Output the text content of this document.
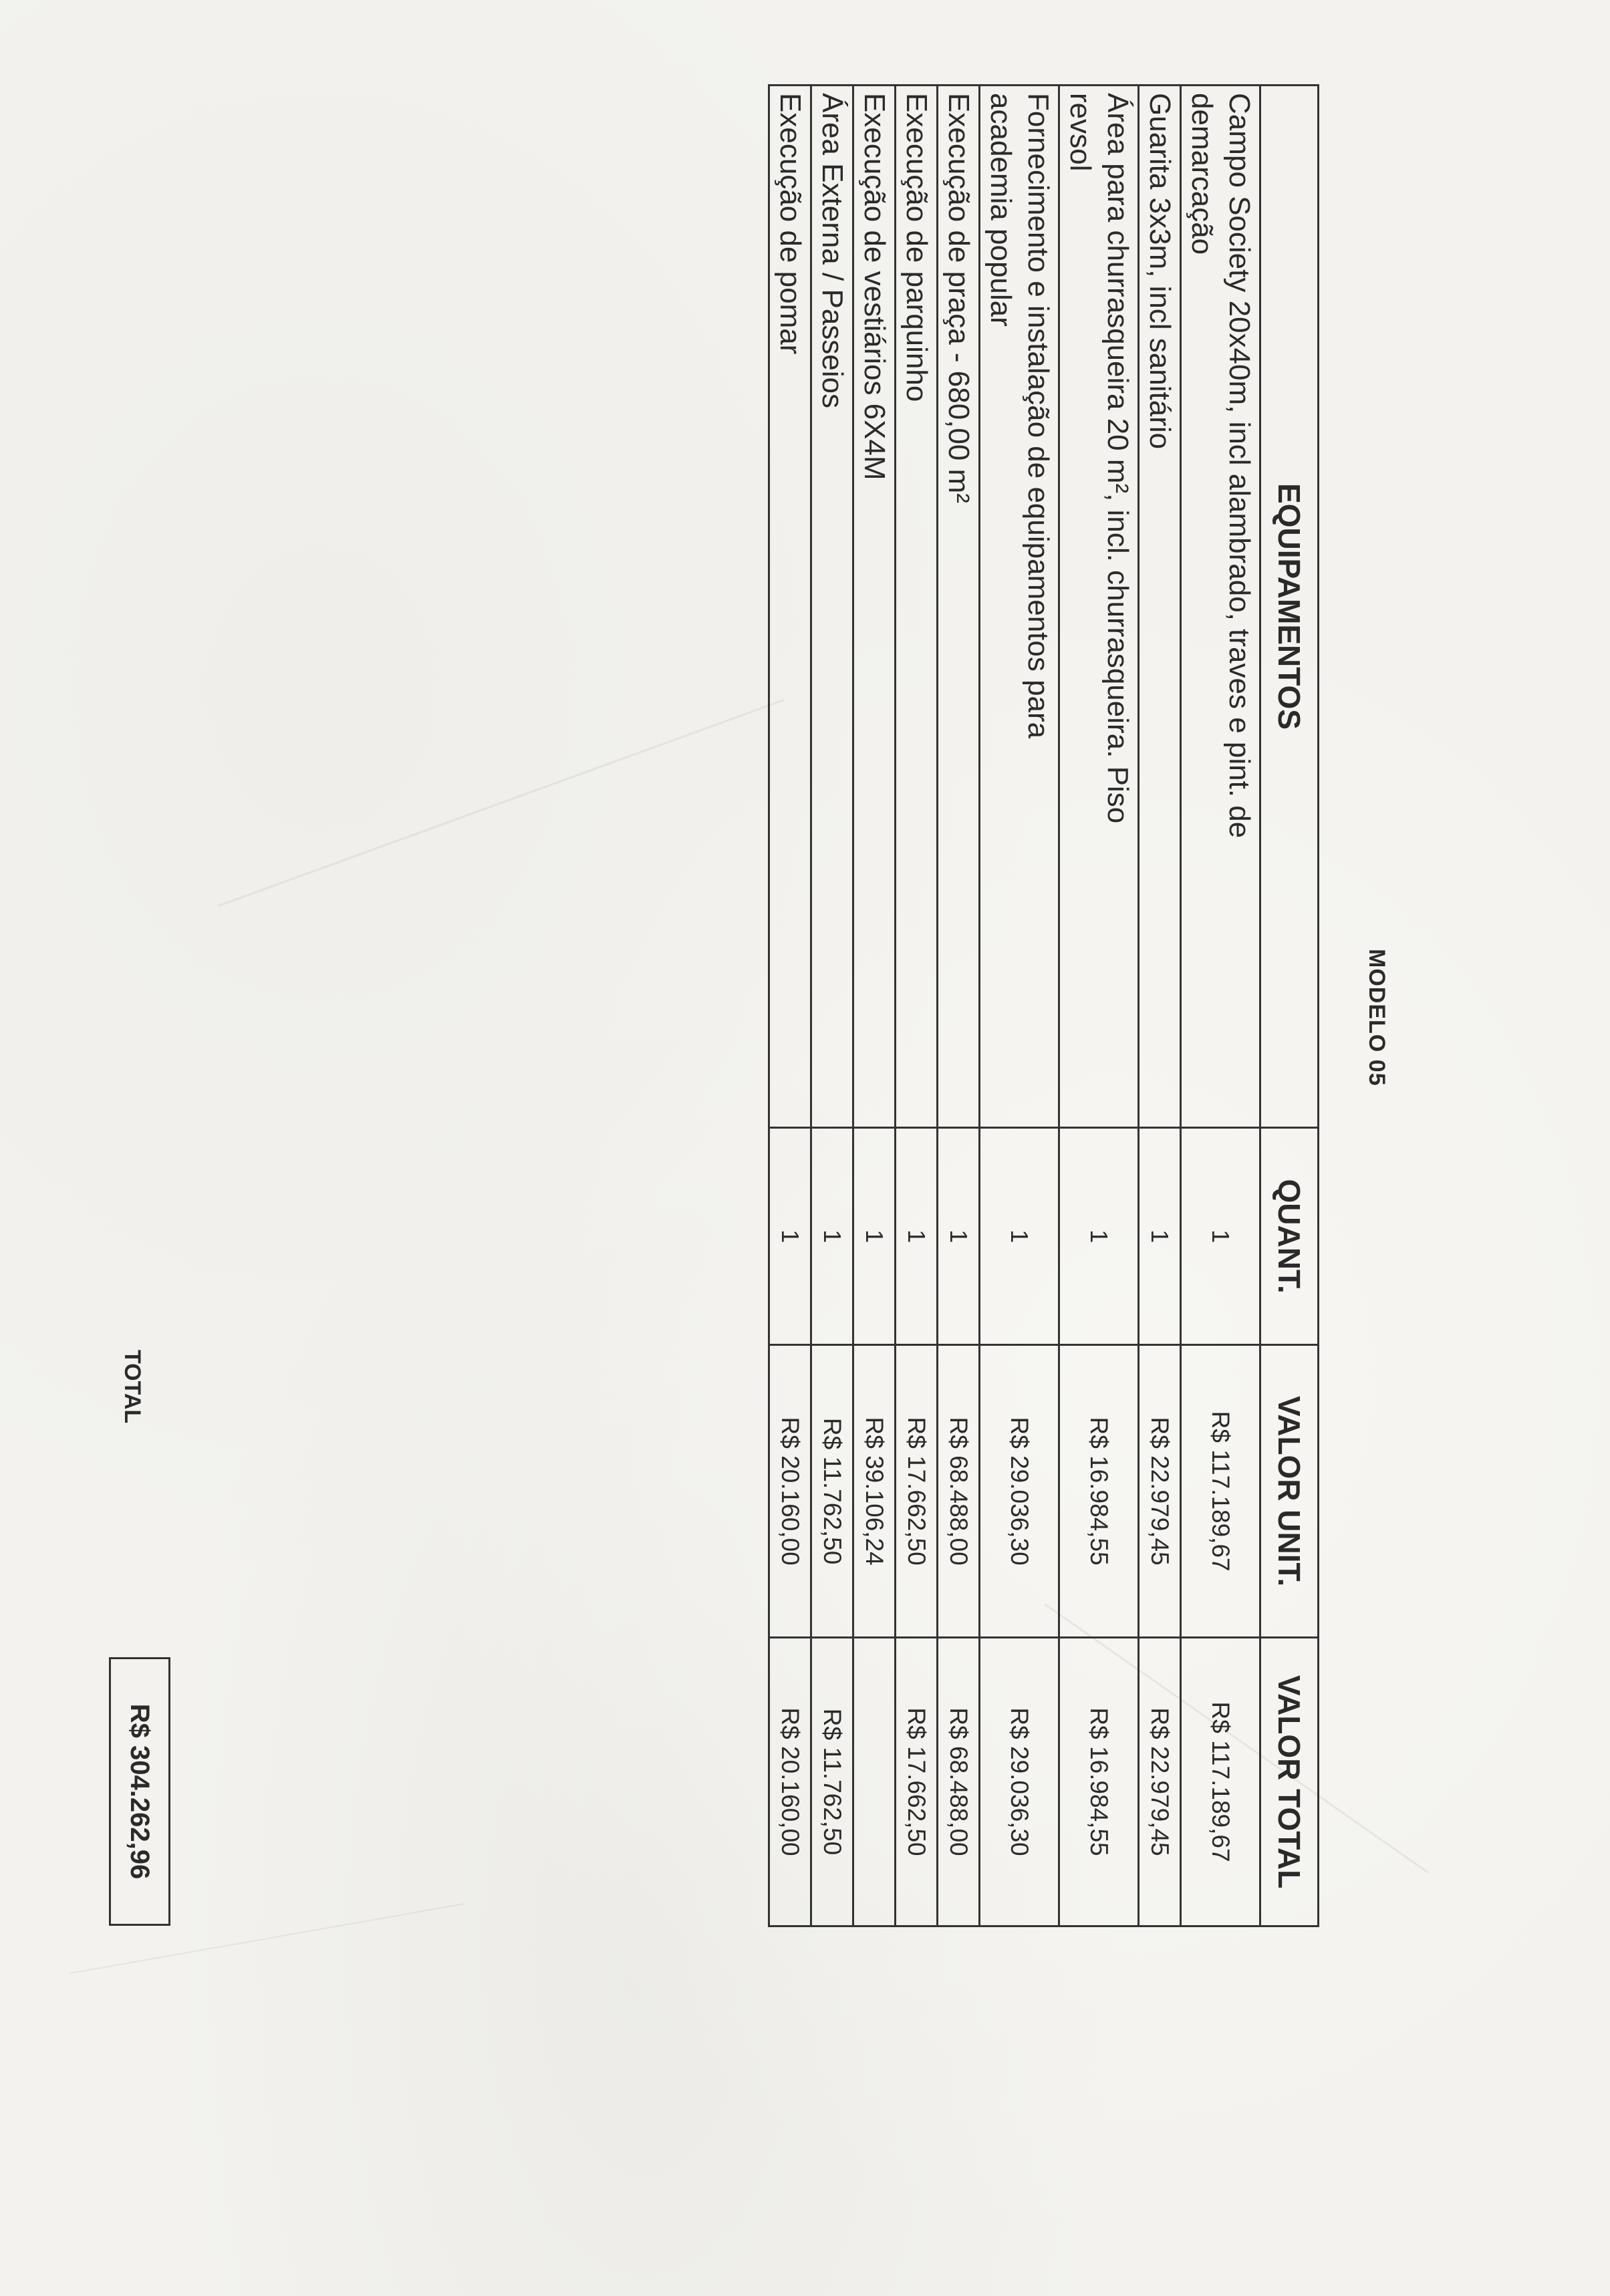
MODELO 05
EQUIPAMENTOS	QUANT.	VALOR UNIT.	VALOR TOTAL

Campo Society 20x40m, incl alambrado, traves e pint. de
demarcação	1	R$ 117.189,67	R$ 117.189,67

Guarita 3x3m, incl sanitário	1	R$ 22.979,45	R$ 22.979,45

Área para churrasqueira 20 m², incl. churrasqueira. Piso
revsol	1	R$ 16.984,55	R$ 16.984,55

Fornecimento e instalação de equipamentos para
academia popular	1	R$ 29.036,30	R$ 29.036,30

Execução de praça - 680,00 m²	1	R$ 68.488,00	R$ 68.488,00

Execução de parquinho	1	R$ 17.662,50	R$ 17.662,50

Execução de vestiários 6X4M	1	R$ 39.106,24	

Área Externa / Passeios	1	R$ 11.762,50	R$ 11.762,50

Execução de pomar	1	R$ 20.160,00	R$ 20.160,00
TOTAL
R$ 304.262,96
